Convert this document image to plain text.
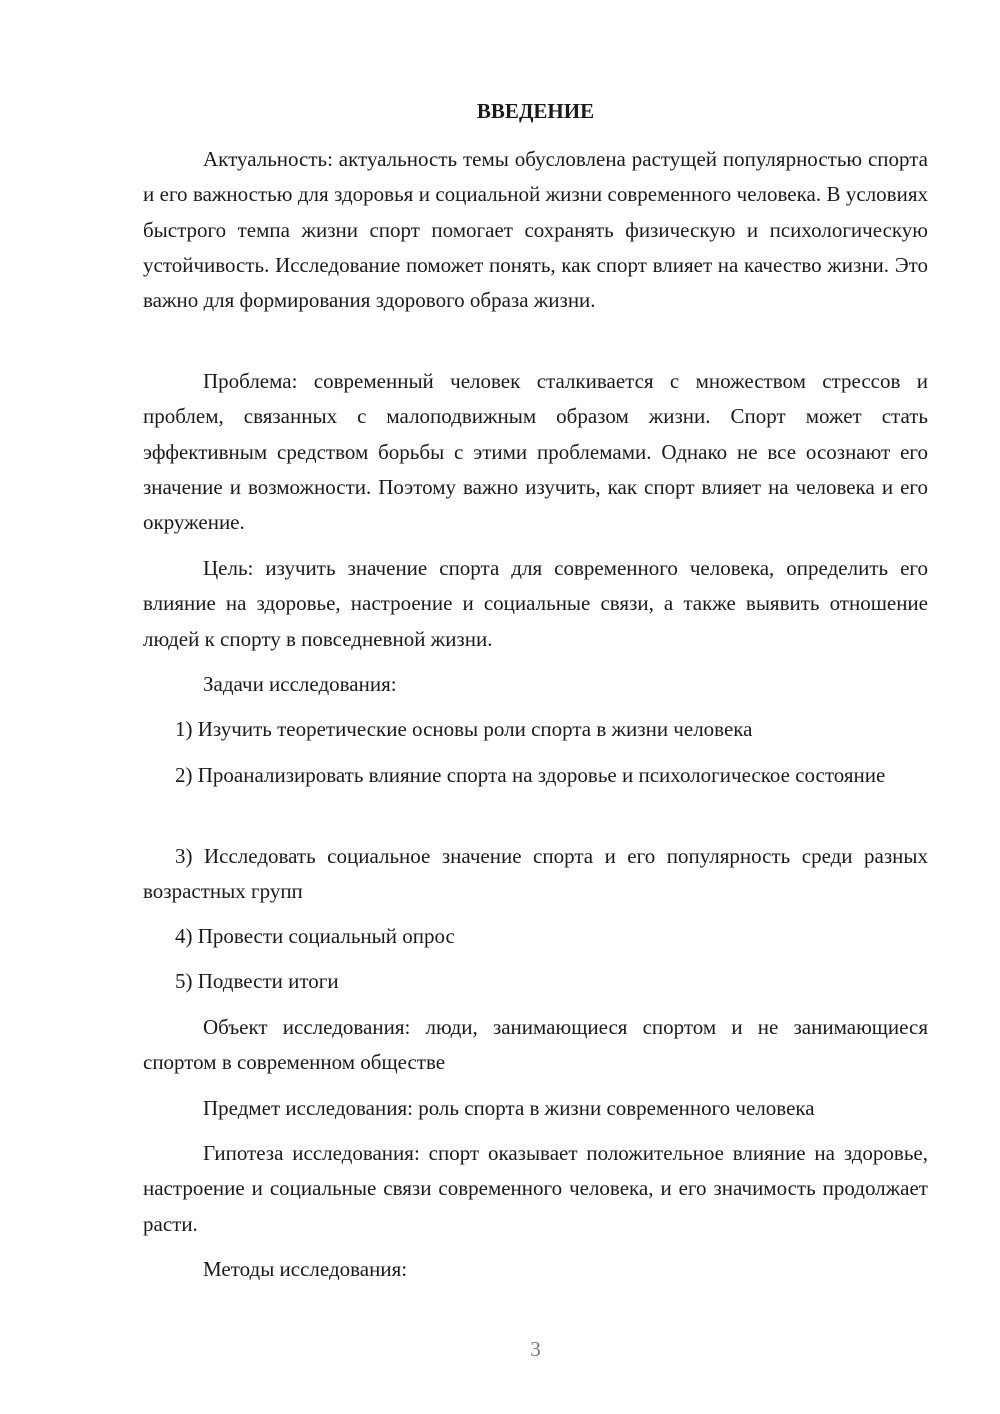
ВВЕДЕНИЕ

Актуальность: актуальность темы обусловлена растущей популярностью спорта и его важностью для здоровья и социальной жизни современного человека. В условиях быстрого темпа жизни спорт помогает сохранять физическую и психологическую устойчивость. Исследование поможет понять, как спорт влияет на качество жизни. Это важно для формирования здорового образа жизни.

Проблема: современный человек сталкивается с множеством стрессов и проблем, связанных с малоподвижным образом жизни. Спорт может стать эффективным средством борьбы с этими проблемами. Однако не все осознают его значение и возможности. Поэтому важно изучить, как спорт влияет на человека и его окружение.

Цель: изучить значение спорта для современного человека, определить его влияние на здоровье, настроение и социальные связи, а также выявить отношение людей к спорту в повседневной жизни.

Задачи исследования:

1) Изучить теоретические основы роли спорта в жизни человека

2) Проанализировать влияние спорта на здоровье и психологическое состояние

3) Исследовать социальное значение спорта и его популярность среди разных возрастных групп

4) Провести социальный опрос

5) Подвести итоги

Объект исследования: люди, занимающиеся спортом и не занимающиеся спортом в современном обществе

Предмет исследования: роль спорта в жизни современного человека

Гипотеза исследования: спорт оказывает положительное влияние на здоровье, настроение и социальные связи современного человека, и его значимость продолжает расти.

Методы исследования:

3
